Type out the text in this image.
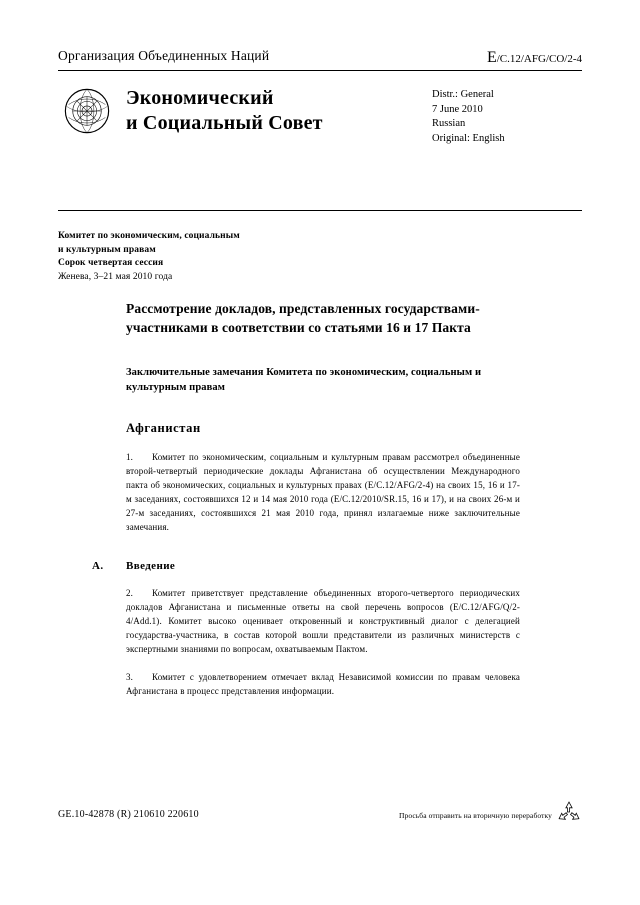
Организация Объединенных Наций	E/C.12/AFG/CO/2-4
Экономический
и Социальный Совет
Distr.: General
7 June 2010
Russian
Original: English
Комитет по экономическим, социальным
и культурным правам
Сорок четвертая сессия
Женева, 3–21 мая 2010 года
Рассмотрение докладов, представленных государствами-участниками в соответствии со статьями 16 и 17 Пакта
Заключительные замечания Комитета по экономическим, социальным и культурным правам
Афганистан

1. Комитет по экономическим, социальным и культурным правам рассмотрел объединенные второй-четвертый периодические доклады Афганистана об осуществлении Международного пакта об экономических, социальных и культурных правах (E/C.12/AFG/2-4) на своих 15, 16 и 17-м заседаниях, состоявшихся 12 и 14 мая 2010 года (E/C.12/2010/SR.15, 16 и 17), и на своих 26-м и 27-м заседаниях, состоявшихся 21 мая 2010 года, принял излагаемые ниже заключительные замечания.

A. Введение

2. Комитет приветствует представление объединенных второго-четвертого периодических докладов Афганистана и письменные ответы на свой перечень вопросов (E/C.12/AFG/Q/2-4/Add.1). Комитет высоко оценивает откровенный и конструктивный диалог с делегацией государства-участника, в состав которой вошли представители из различных министерств с экспертными знаниями по вопросам, охватываемым Пактом.

3. Комитет с удовлетворением отмечает вклад Независимой комиссии по правам человека Афганистана в процесс представления информации.

GE.10-42878 (R) 210610 220610	Просьба отправить на вторичную переработку
